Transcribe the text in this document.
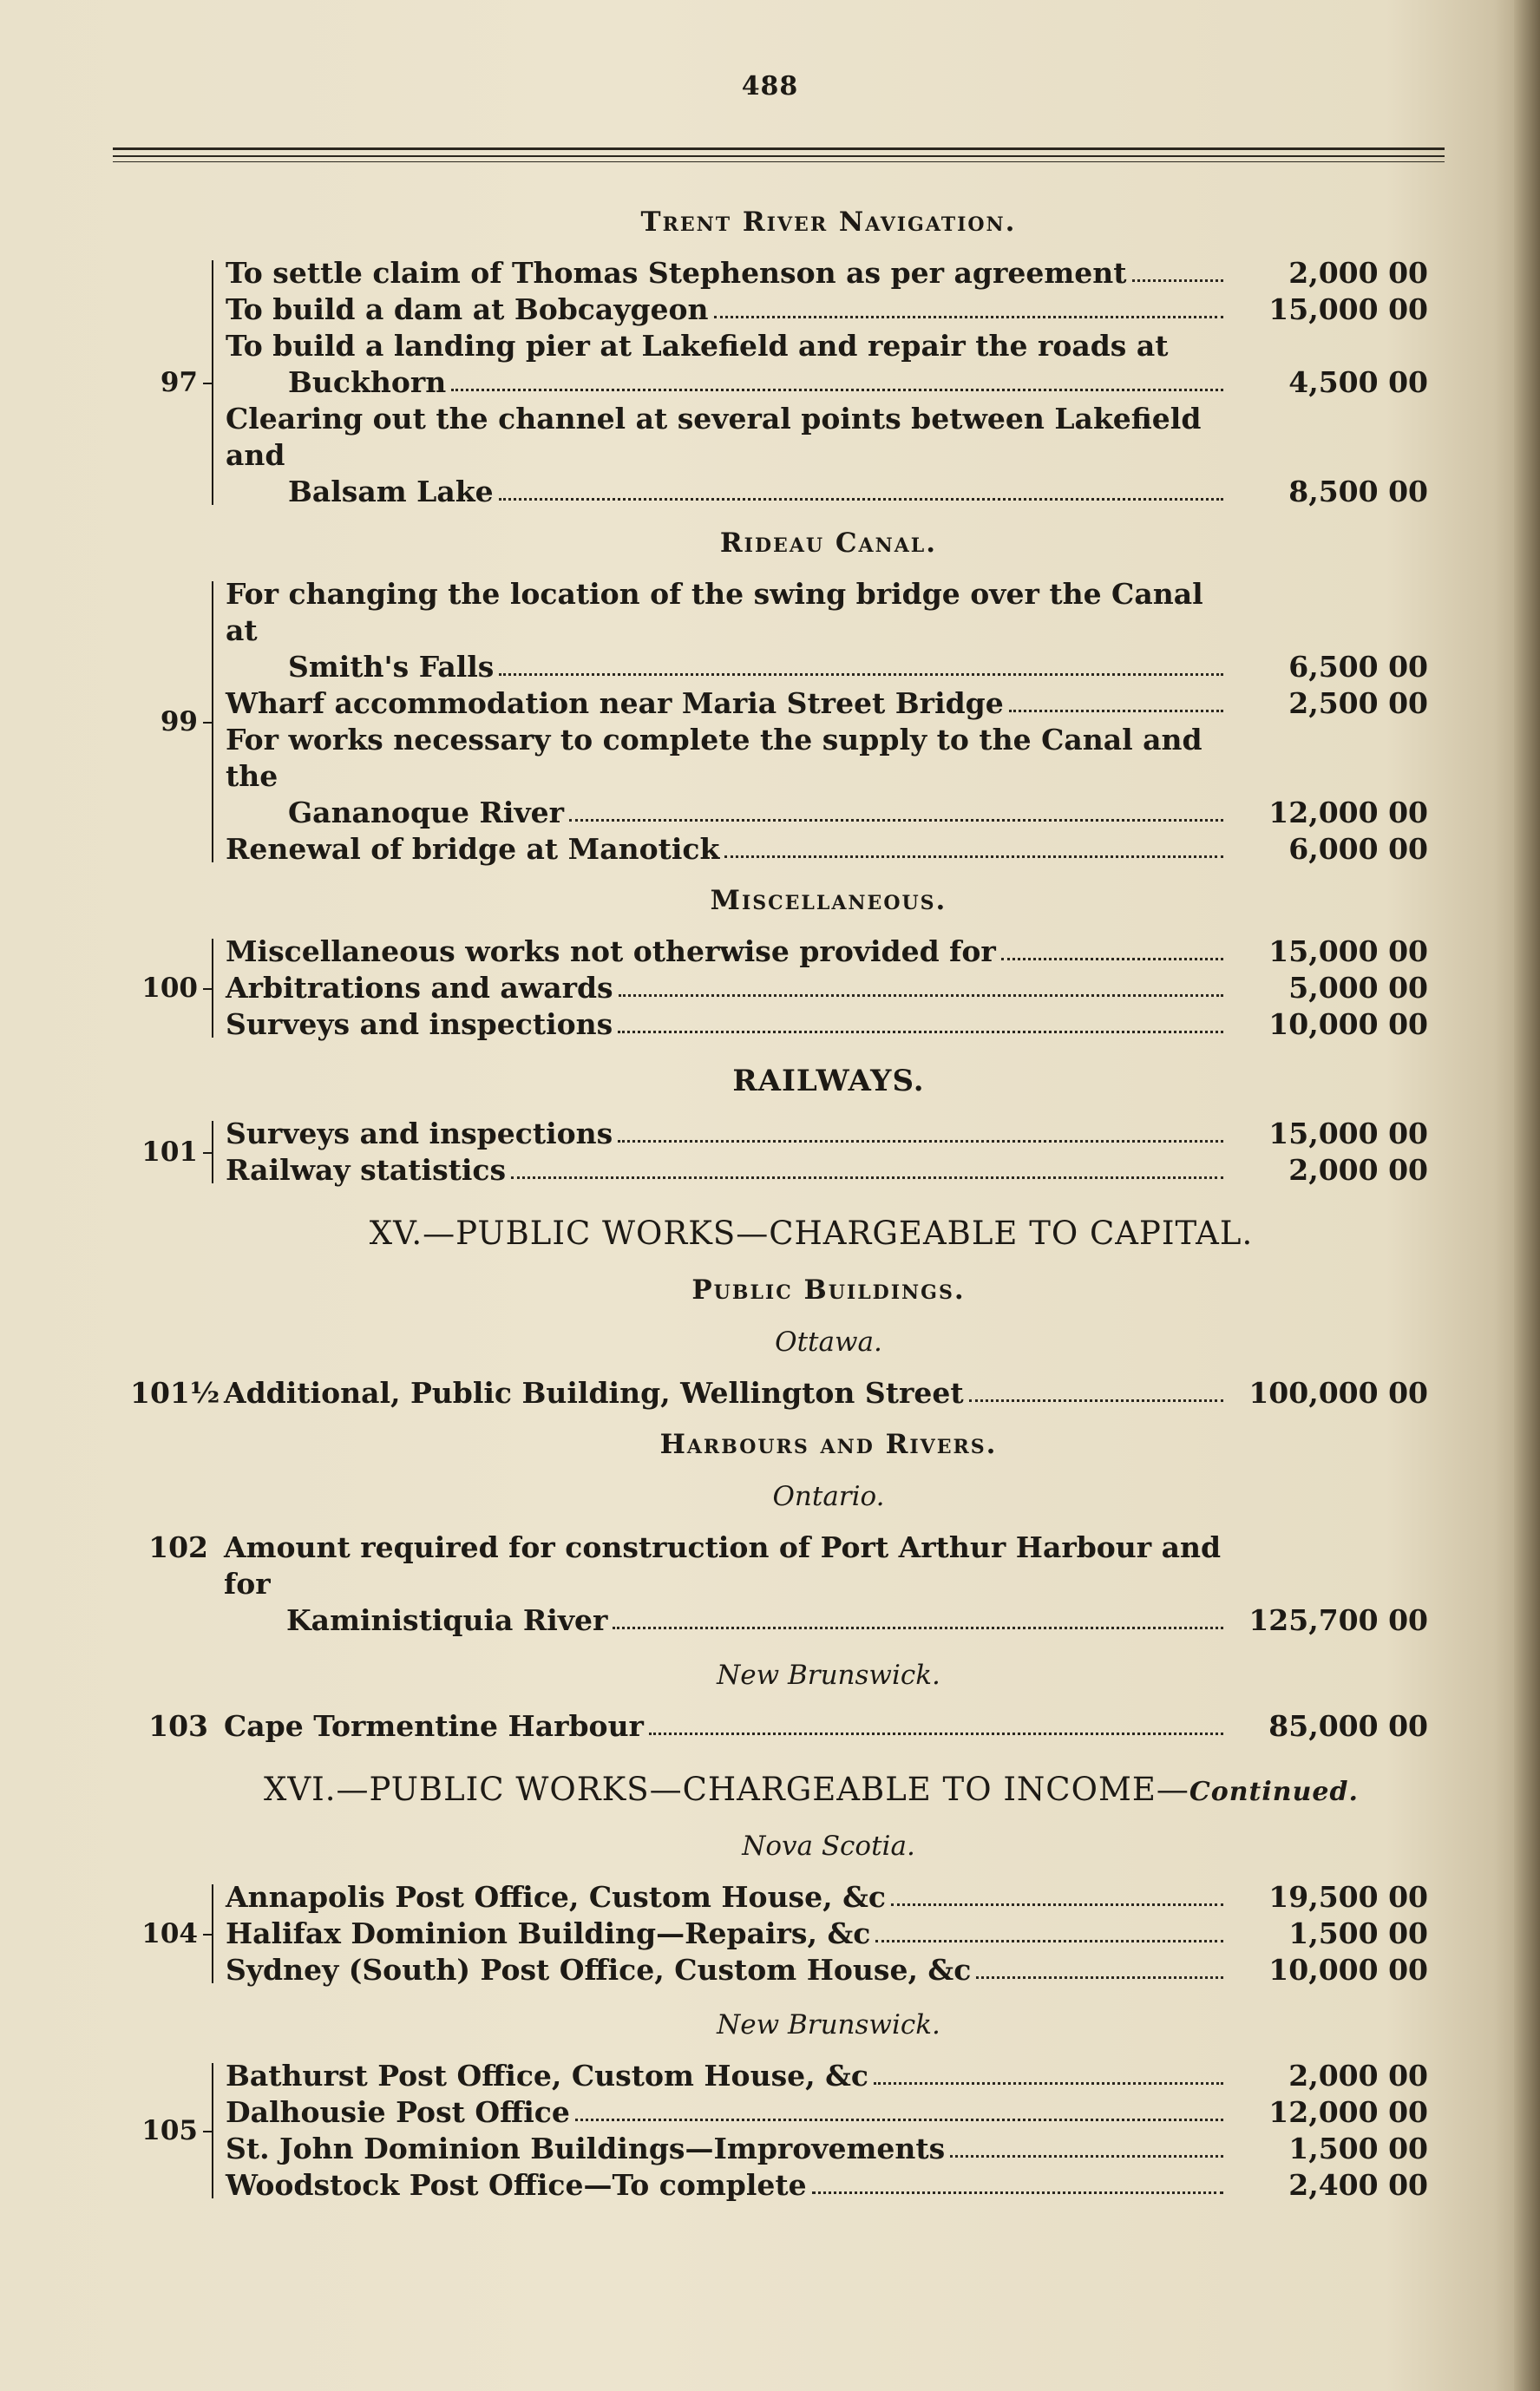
488
Trent River Navigation.
97
To settle claim of Thomas Stephenson as per agreement	2,000 00
To build a dam at Bobcaygeon	15,000 00
To build a landing pier at Lakefield and repair the roads at
Buckhorn	4,500 00
Clearing out the channel at several points between Lakefield and
Balsam Lake	8,500 00
Rideau Canal.
99
For changing the location of the swing bridge over the Canal at
Smith's Falls	6,500 00
Wharf accommodation near Maria Street Bridge	2,500 00
For works necessary to complete the supply to the Canal and the
Gananoque River	12,000 00
Renewal of bridge at Manotick	6,000 00
Miscellaneous.
100
Miscellaneous works not otherwise provided for	15,000 00
Arbitrations and awards	5,000 00
Surveys and inspections	10,000 00
RAILWAYS.
101
Surveys and inspections	15,000 00
Railway statistics	2,000 00
XV.—PUBLIC WORKS—CHARGEABLE TO CAPITAL.
Public Buildings.
Ottawa.
101½ Additional, Public Building, Wellington Street	100,000 00
Harbours and Rivers.
Ontario.
102 Amount required for construction of Port Arthur Harbour and for
Kaministiquia River	125,700 00
New Brunswick.
103 Cape Tormentine Harbour	85,000 00
XVI.—PUBLIC WORKS—CHARGEABLE TO INCOME—Continued.
Nova Scotia.
104
Annapolis Post Office, Custom House, &c	19,500 00
Halifax Dominion Building—Repairs, &c	1,500 00
Sydney (South) Post Office, Custom House, &c	10,000 00
New Brunswick.
105
Bathurst Post Office, Custom House, &c	2,000 00
Dalhousie Post Office	12,000 00
St. John Dominion Buildings—Improvements	1,500 00
Woodstock Post Office—To complete	2,400 00
